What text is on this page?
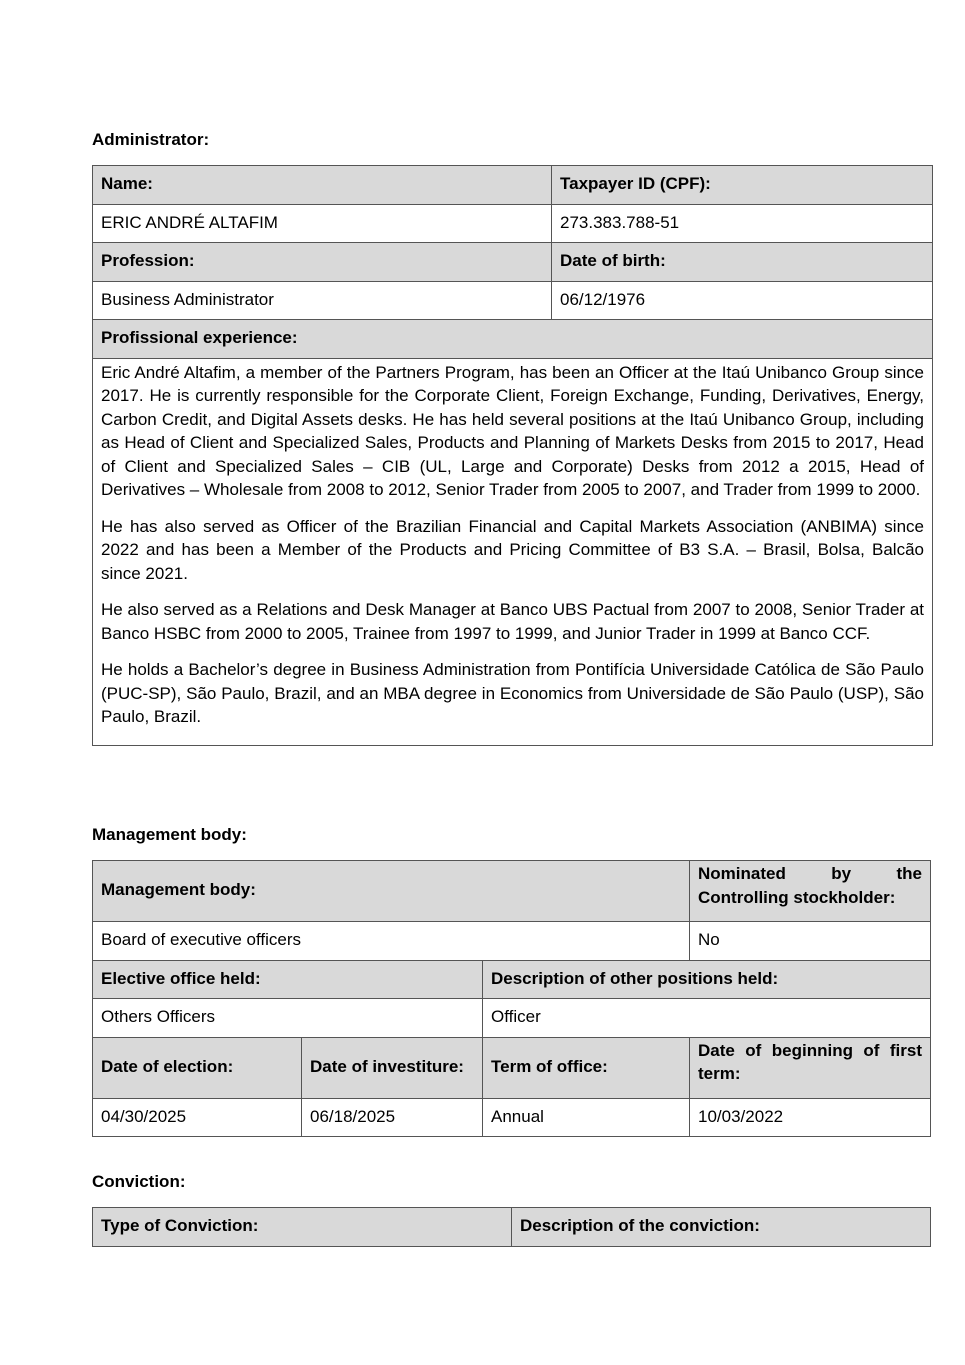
Administrator:
Name:	Taxpayer ID (CPF):
ERIC ANDRÉ ALTAFIM	273.383.788-51
Profession:	Date of birth:
Business Administrator	06/12/1976
Profissional experience:	

Eric André Altafim, a member of the Partners Program, has been an Officer at the Itaú Unibanco Group since 2017. He is currently responsible for the Corporate Client, Foreign Exchange, Funding, Derivatives, Energy, Carbon Credit, and Digital Assets desks. He has held several positions at the Itaú Unibanco Group, including as Head of Client and Specialized Sales, Products and Planning of Markets Desks from 2015 to 2017, Head of Client and Specialized Sales – CIB (UL, Large and Corporate) Desks from 2012 a 2015, Head of Derivatives – Wholesale from 2008 to 2012, Senior Trader from 2005 to 2007, and Trader from 1999 to 2000.

He has also served as Officer of the Brazilian Financial and Capital Markets Association (ANBIMA) since 2022 and has been a Member of the Products and Pricing Committee of B3 S.A. – Brasil, Bolsa, Balcão since 2021.

He also served as a Relations and Desk Manager at Banco UBS Pactual from 2007 to 2008, Senior Trader at Banco HSBC from 2000 to 2005, Trainee from 1997 to 1999, and Junior Trader in 1999 at Banco CCF.

He holds a Bachelor’s degree in Business Administration from Pontifícia Universidade Católica de São Paulo (PUC-SP), São Paulo, Brazil, and an MBA degree in Economics from Universidade de São Paulo (USP), São Paulo, Brazil.	

Management body:
Management body:			Nominated by the Controlling stockholder:
Board of executive officers			No
Elective office held:		Description of other positions held:	
Others Officers		Officer	
Date of election:	Date of investiture:	Term of office:	Date of beginning of first term:
04/30/2025	06/18/2025	Annual	10/03/2022
Conviction:
Type of Conviction:	Description of the conviction:
